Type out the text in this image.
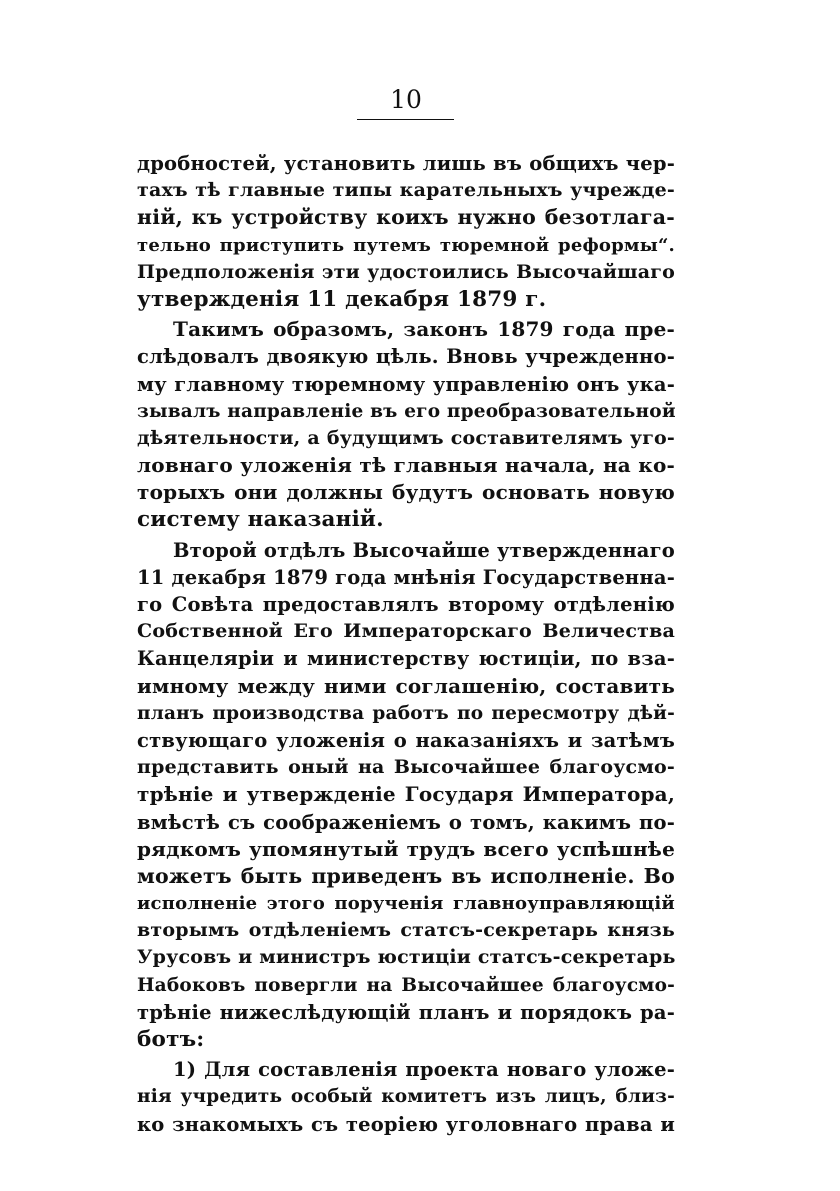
10

дробностей, установить лишь въ общихъ чер-
тахъ тѣ главные типы карательныхъ учрежде-
ній, къ устройству коихъ нужно безотлага-
тельно приступить путемъ тюремной реформы“.
Предположенія эти удостоились Высочайшаго
утвержденія 11 декабря 1879 г.

Такимъ образомъ, законъ 1879 года пре-
слѣдовалъ двоякую цѣль. Вновь учрежденно-
му главному тюремному управленію онъ ука-
зывалъ направленіе въ его преобразовательной
дѣятельности, а будущимъ составителямъ уго-
ловнаго уложенія тѣ главныя начала, на ко-
торыхъ они должны будутъ основать новую
систему наказаній.

Второй отдѣлъ Высочайше утвержденнаго
11 декабря 1879 года мнѣнія Государственна-
го Совѣта предоставлялъ второму отдѣленію
Собственной Его Императорскаго Величества
Канцеляріи и министерству юстиціи, по вза-
имному между ними соглашенію, составить
планъ производства работъ по пересмотру дѣй-
ствующаго уложенія о наказаніяхъ и затѣмъ
представить оный на Высочайшее благоусмо-
трѣніе и утвержденіе Государя Императора,
вмѣстѣ съ соображеніемъ о томъ, какимъ по-
рядкомъ упомянутый трудъ всего успѣшнѣе
можетъ быть приведенъ въ исполненіе. Во
исполненіе этого порученія главноуправляющій
вторымъ отдѣленіемъ статсъ-секретарь князь
Урусовъ и министръ юстиціи статсъ-секретарь
Набоковъ повергли на Высочайшее благоусмо-
трѣніе нижеслѣдующій планъ и порядокъ ра-
ботъ:

1) Для составленія проекта новаго уложе-
нія учредить особый комитетъ изъ лицъ, близ-
ко знакомыхъ съ теоріею уголовнаго права и
